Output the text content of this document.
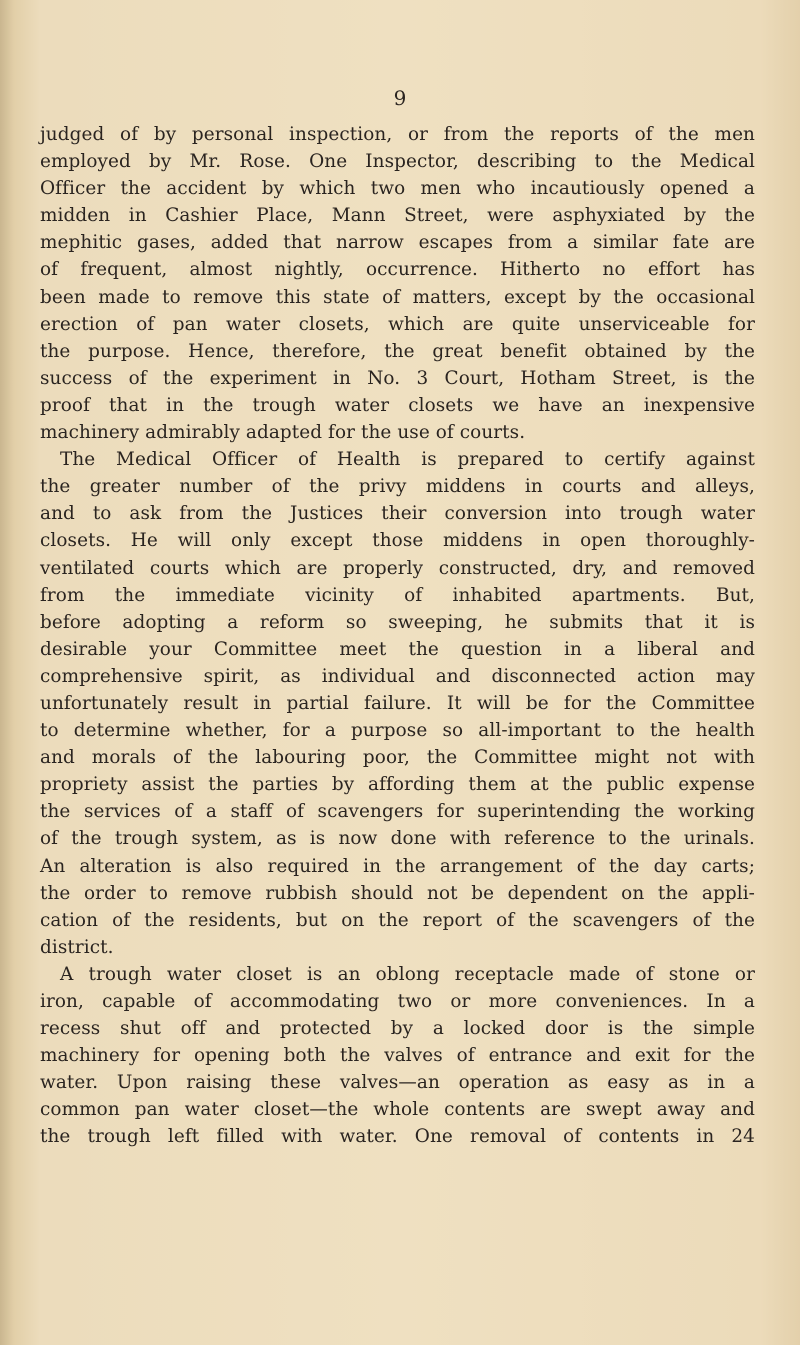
9
judged of by personal inspection, or from the reports of the men
employed by Mr. Rose. One Inspector, describing to the Medical
Officer the accident by which two men who incautiously opened a
midden in Cashier Place, Mann Street, were asphyxiated by the
mephitic gases, added that narrow escapes from a similar fate are
of frequent, almost nightly, occurrence. Hitherto no effort has
been made to remove this state of matters, except by the occasional
erection of pan water closets, which are quite unserviceable for
the purpose. Hence, therefore, the great benefit obtained by the
success of the experiment in No. 3 Court, Hotham Street, is the
proof that in the trough water closets we have an inexpensive
machinery admirably adapted for the use of courts.
The Medical Officer of Health is prepared to certify against
the greater number of the privy middens in courts and alleys,
and to ask from the Justices their conversion into trough water
closets. He will only except those middens in open thoroughly-
ventilated courts which are properly constructed, dry, and removed
from the immediate vicinity of inhabited apartments. But,
before adopting a reform so sweeping, he submits that it is
desirable your Committee meet the question in a liberal and
comprehensive spirit, as individual and disconnected action may
unfortunately result in partial failure. It will be for the Committee
to determine whether, for a purpose so all-important to the health
and morals of the labouring poor, the Committee might not with
propriety assist the parties by affording them at the public expense
the services of a staff of scavengers for superintending the working
of the trough system, as is now done with reference to the urinals.
An alteration is also required in the arrangement of the day carts;
the order to remove rubbish should not be dependent on the appli-
cation of the residents, but on the report of the scavengers of the
district.
A trough water closet is an oblong receptacle made of stone or
iron, capable of accommodating two or more conveniences. In a
recess shut off and protected by a locked door is the simple
machinery for opening both the valves of entrance and exit for the
water. Upon raising these valves—an operation as easy as in a
common pan water closet—the whole contents are swept away and
the trough left filled with water. One removal of contents in 24
